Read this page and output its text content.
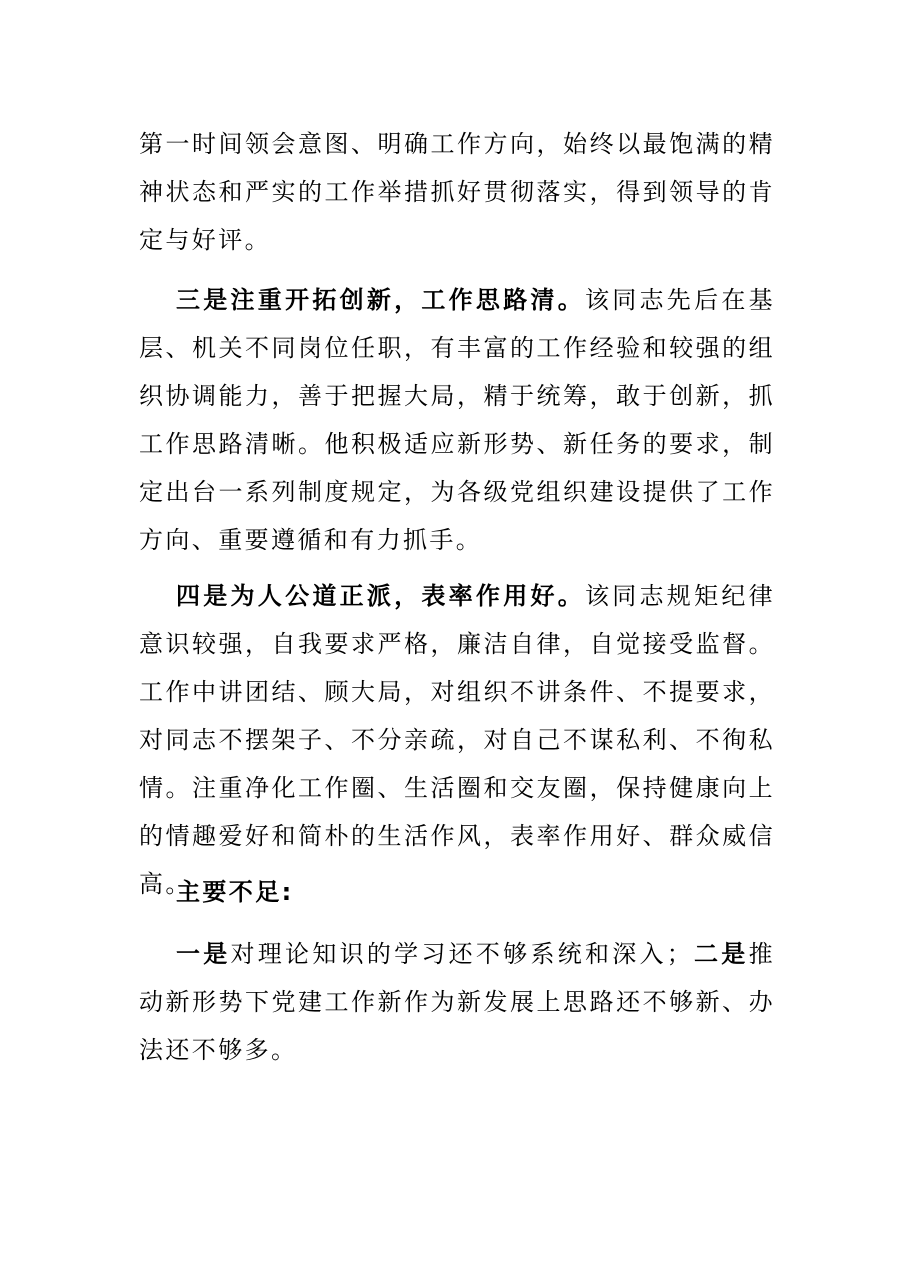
第一时间领会意图、明确工作方向，始终以最饱满的精神状态和严实的工作举措抓好贯彻落实，得到领导的肯定与好评。

三是注重开拓创新，工作思路清。该同志先后在基层、机关不同岗位任职，有丰富的工作经验和较强的组织协调能力，善于把握大局，精于统筹，敢于创新，抓工作思路清晰。他积极适应新形势、新任务的要求，制定出台一系列制度规定，为各级党组织建设提供了工作方向、重要遵循和有力抓手。

四是为人公道正派，表率作用好。该同志规矩纪律意识较强，自我要求严格，廉洁自律，自觉接受监督。工作中讲团结、顾大局，对组织不讲条件、不提要求，对同志不摆架子、不分亲疏，对自己不谋私利、不徇私情。注重净化工作圈、生活圈和交友圈，保持健康向上的情趣爱好和简朴的生活作风，表率作用好、群众威信高。

主要不足:

一是对理论知识的学习还不够系统和深入；二是推动新形势下党建工作新作为新发展上思路还不够新、办法还不够多。
